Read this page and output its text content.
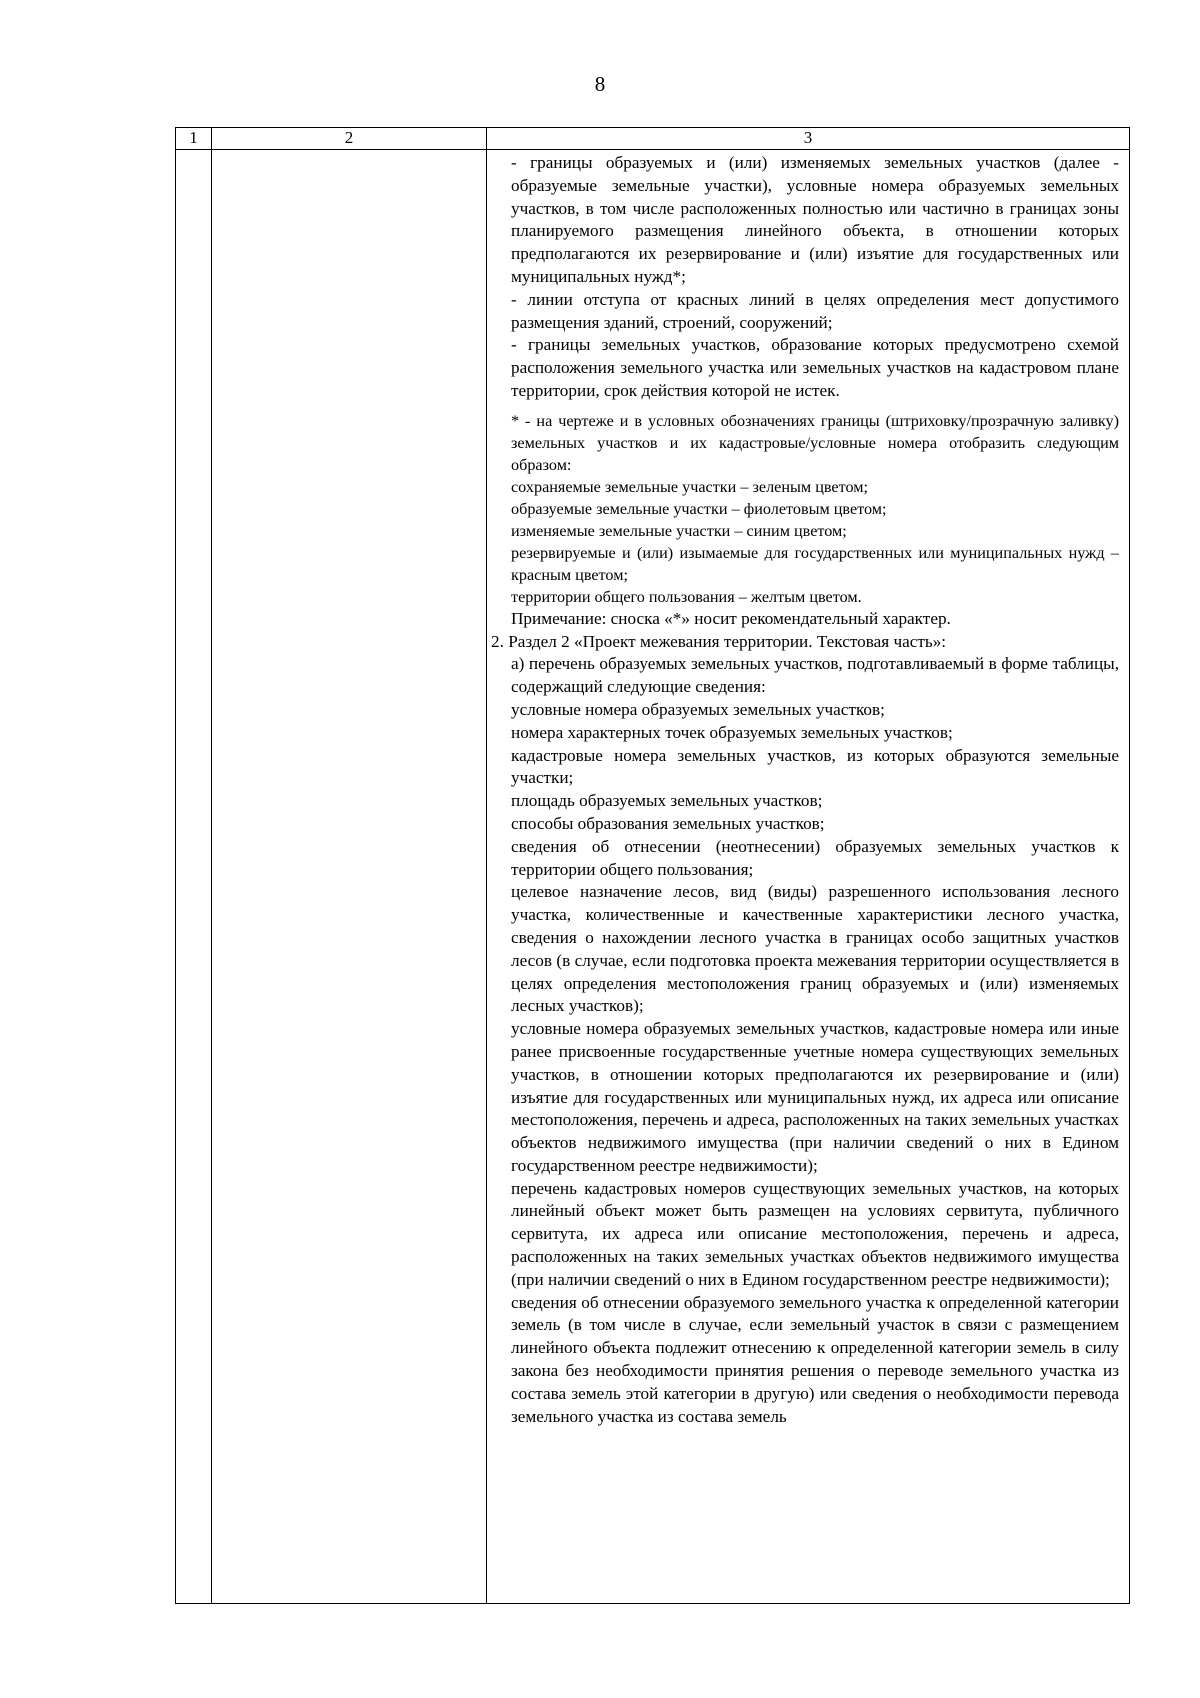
8
1	2	3
- границы образуемых и (или) изменяемых земельных участков (далее - образуемые земельные участки), условные номера образуемых земельных участков, в том числе расположенных полностью или частично в границах зоны планируемого размещения линейного объекта, в отношении которых предполагаются их резервирование и (или) изъятие для государственных или муниципальных нужд*;
- линии отступа от красных линий в целях определения мест допустимого размещения зданий, строений, сооружений;
- границы земельных участков, образование которых предусмотрено схемой расположения земельного участка или земельных участков на кадастровом плане территории, срок действия которой не истек.
* - на чертеже и в условных обозначениях границы (штриховку/прозрачную заливку) земельных участков и их кадастровые/условные номера отобразить следующим образом:
сохраняемые земельные участки – зеленым цветом;
образуемые земельные участки – фиолетовым цветом;
изменяемые земельные участки – синим цветом;
резервируемые и (или) изымаемые для государственных или муниципальных нужд – красным цветом;
территории общего пользования – желтым цветом.
Примечание: сноска «*» носит рекомендательный характер.
2. Раздел 2 «Проект межевания территории. Текстовая часть»:
а) перечень образуемых земельных участков, подготавливаемый в форме таблицы, содержащий следующие сведения:
условные номера образуемых земельных участков;
номера характерных точек образуемых земельных участков;
кадастровые номера земельных участков, из которых образуются земельные участки;
площадь образуемых земельных участков;
способы образования земельных участков;
сведения об отнесении (неотнесении) образуемых земельных участков к территории общего пользования;
целевое назначение лесов, вид (виды) разрешенного использования лесного участка, количественные и качественные характеристики лесного участка, сведения о нахождении лесного участка в границах особо защитных участков лесов (в случае, если подготовка проекта межевания территории осуществляется в целях определения местоположения границ образуемых и (или) изменяемых лесных участков);
условные номера образуемых земельных участков, кадастровые номера или иные ранее присвоенные государственные учетные номера существующих земельных участков, в отношении которых предполагаются их резервирование и (или) изъятие для государственных или муниципальных нужд, их адреса или описание местоположения, перечень и адреса, расположенных на таких земельных участках объектов недвижимого имущества (при наличии сведений о них в Едином государственном реестре недвижимости);
перечень кадастровых номеров существующих земельных участков, на которых линейный объект может быть размещен на условиях сервитута, публичного сервитута, их адреса или описание местоположения, перечень и адреса, расположенных на таких земельных участках объектов недвижимого имущества (при наличии сведений о них в Едином государственном реестре недвижимости);
сведения об отнесении образуемого земельного участка к определенной категории земель (в том числе в случае, если земельный участок в связи с размещением линейного объекта подлежит отнесению к определенной категории земель в силу закона без необходимости принятия решения о переводе земельного участка из состава земель этой категории в другую) или сведения о необходимости перевода земельного участка из состава земель
